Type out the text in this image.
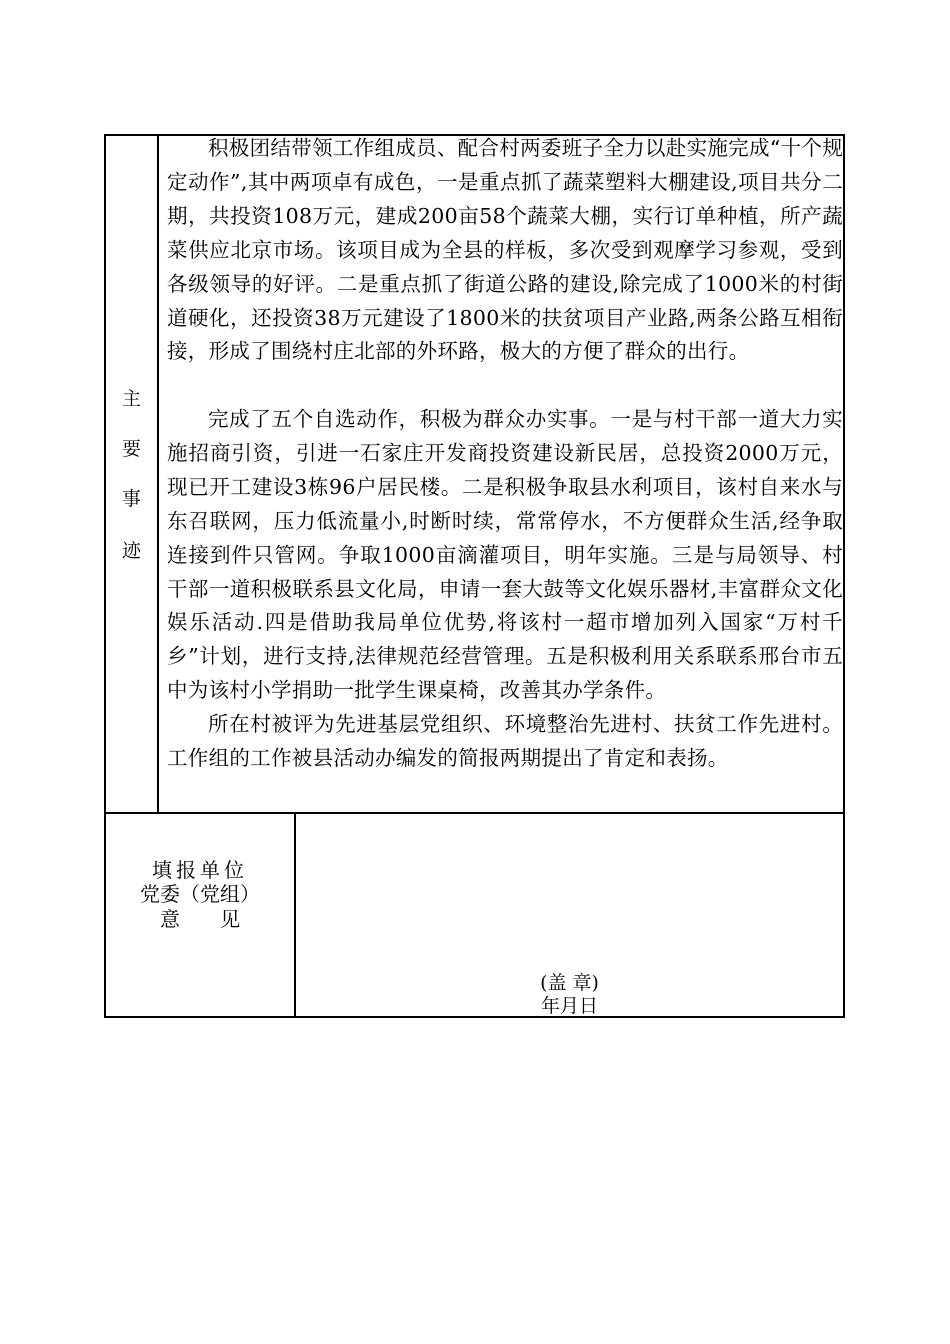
主
要
事
迹

积极团结带领工作组成员、配合村两委班子全力以赴实施完成“十个规定动作”,其中两项卓有成色，一是重点抓了蔬菜塑料大棚建设,项目共分二期，共投资108万元，建成200亩58个蔬菜大棚，实行订单种植，所产蔬菜供应北京市场。该项目成为全县的样板，多次受到观摩学习参观，受到各级领导的好评。二是重点抓了街道公路的建设,除完成了1000米的村街道硬化，还投资38万元建设了1800米的扶贫项目产业路,两条公路互相衔接，形成了围绕村庄北部的外环路，极大的方便了群众的出行。

完成了五个自选动作，积极为群众办实事。一是与村干部一道大力实施招商引资，引进一石家庄开发商投资建设新民居，总投资2000万元，现已开工建设3栋96户居民楼。二是积极争取县水利项目，该村自来水与东召联网，压力低流量小,时断时续，常常停水，不方便群众生活,经争取连接到件只管网。争取1000亩滴灌项目，明年实施。三是与局领导、村干部一道积极联系县文化局，申请一套大鼓等文化娱乐器材,丰富群众文化娱乐活动.四是借助我局单位优势,将该村一超市增加列入国家“万村千乡”计划，进行支持,法律规范经营管理。五是积极利用关系联系邢台市五中为该村小学捐助一批学生课桌椅，改善其办学条件。

所在村被评为先进基层党组织、环境整治先进村、扶贫工作先进村。工作组的工作被县活动办编发的简报两期提出了肯定和表扬。

填报单位
党委（党组）
意　　见
(盖 章)
年月日
